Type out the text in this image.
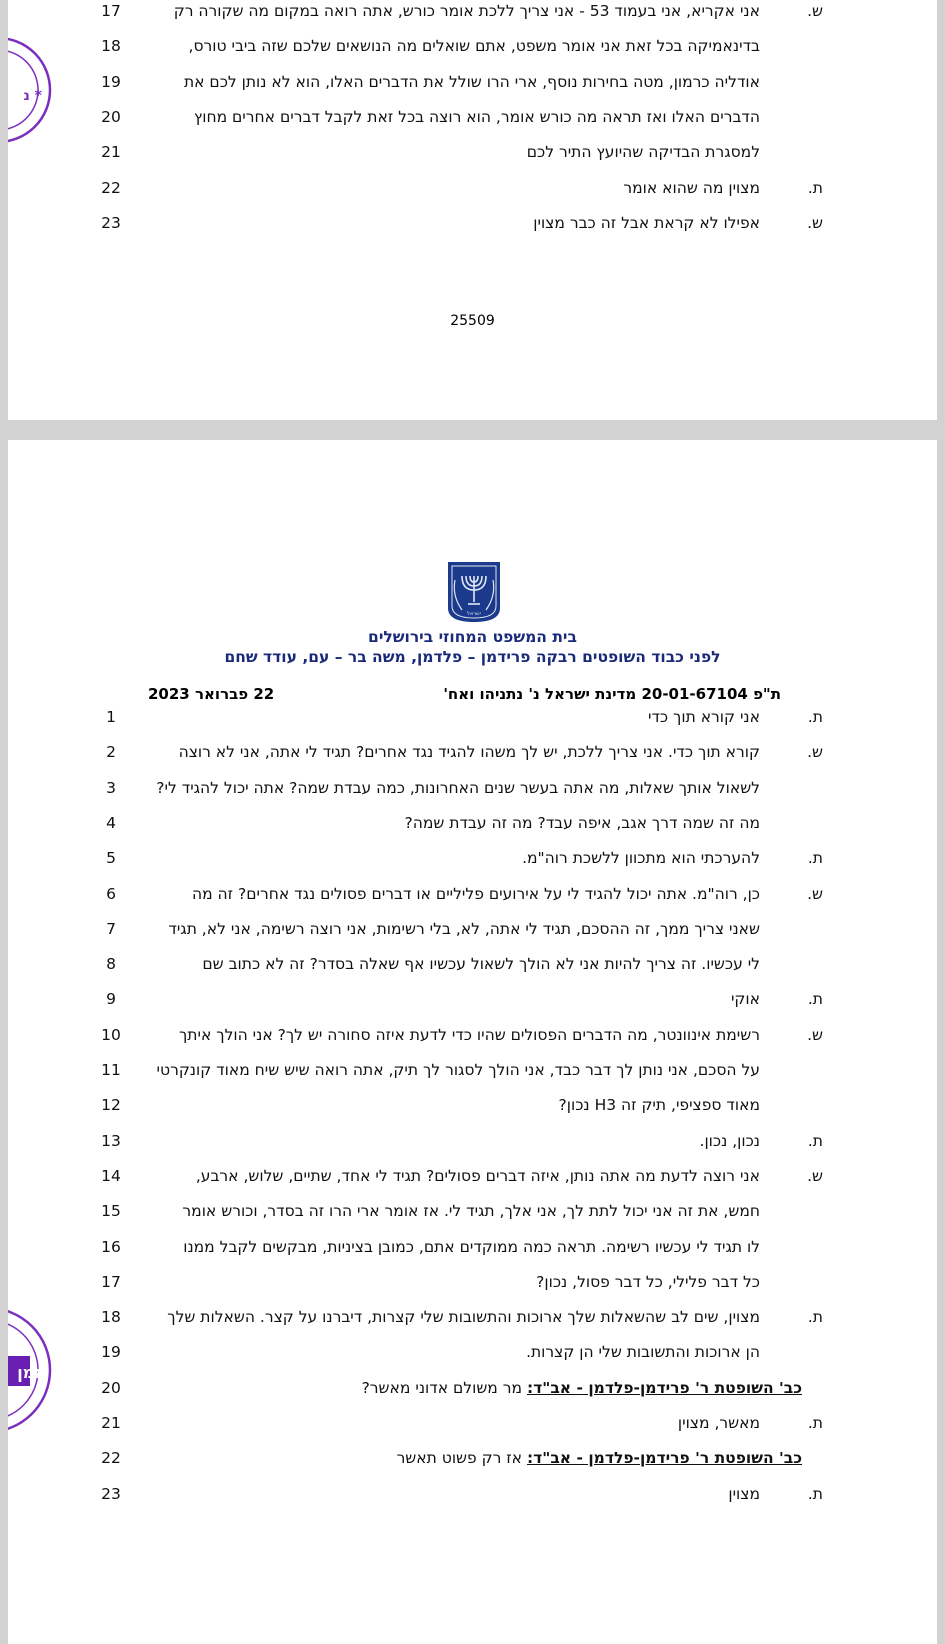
נ *
17	ש.
אני אקריא, אני בעמוד 53 - אני צריך ללכת אומר כורש, אתה רואה במקום מה שקורה רק
18	בדינאמיקה בכל זאת אני אומר משפט, אתם שואלים מה הנושאים שלכם שזה ביבי טורס,
19	אודליה כרמון, מטה בחירות נוסף, ארי הרו שולל את הדברים האלו, הוא לא נותן לכם את
20	הדברים האלו ואז תראה מה כורש אומר, הוא רוצה בכל זאת לקבל דברים אחרים מחוץ
21	למסגרת הבדיקה שהיועץ התיר לכם
22	ת.
מצוין מה שהוא אומר
23	ש.
אפילו לא קראת אבל זה כבר מצוין
25509
ישראל
בית המשפט המחוזי בירושלים
לפני כבוד השופטים רבקה פרידמן – פלדמן, משה בר – עם, עודד שחם
ת"פ 20-01-67104 מדינת ישראל נ' נתניהו ואח'
22 פברואר 2023
אמן
1	ת.
אני קורא תוך כדי
2	ש.
קורא תוך כדי. אני צריך ללכת, יש לך משהו להגיד נגד אחרים? תגיד לי אתה, אני לא רוצה
3	לשאול אותך שאלות, מה אתה בעשר שנים האחרונות, כמה עבדת שמה? אתה יכול להגיד לי?
4	מה זה שמה דרך אגב, איפה עבד? מה זה עבדת שמה?
5	ת.
להערכתי הוא מתכוון ללשכת רוה"מ.
6	ש.
כן, רוה"מ. אתה יכול להגיד לי על אירועים פליליים או דברים פסולים נגד אחרים? זה מה
7	שאני צריך ממך, זה ההסכם, תגיד לי אתה, לא, בלי רשימות, אני רוצה רשימה, אני לא, תגיד
8	לי עכשיו. זה צריך להיות אני לא הולך לשאול עכשיו אף שאלה בסדר? זה לא כתוב שם
9	ת.
אוקי
10	ש.
רשימת אינוונטר, מה הדברים הפסולים שהיו כדי לדעת איזה סחורה יש לך? אני הולך איתך
11	על הסכם, אני נותן לך דבר כבד, אני הולך לסגור לך תיק, אתה רואה שיש שיח מאוד קונקרטי
12	מאוד ספציפי, תיק זה H3 נכון?
13	ת.
נכון, נכון.
14	ש.
אני רוצה לדעת מה אתה נותן, איזה דברים פסולים? תגיד לי אחד, שתיים, שלוש, ארבע,
15	חמש, את זה אני יכול לתת לך, אני אלך, תגיד לי. אז אומר ארי הרו זה בסדר, וכורש אומר
16	לו תגיד לי עכשיו רשימה. תראה כמה ממוקדים אתם, כמובן בציניות, מבקשים לקבל ממנו
17	כל דבר פלילי, כל דבר פסול, נכון?
18	ת.
מצוין, שים לב שהשאלות שלך ארוכות והתשובות שלי קצרות, דיברנו על קצר. השאלות שלך
19	הן ארוכות והתשובות שלי הן קצרות.
20	כב' השופטת ר' פרידמן-פלדמן - אב"ד: מר משולם אדוני מאשר?
21	ת.
מאשר, מצוין
22	כב' השופטת ר' פרידמן-פלדמן - אב"ד: אז רק פשוט תאשר
23	ת.
מצוין
